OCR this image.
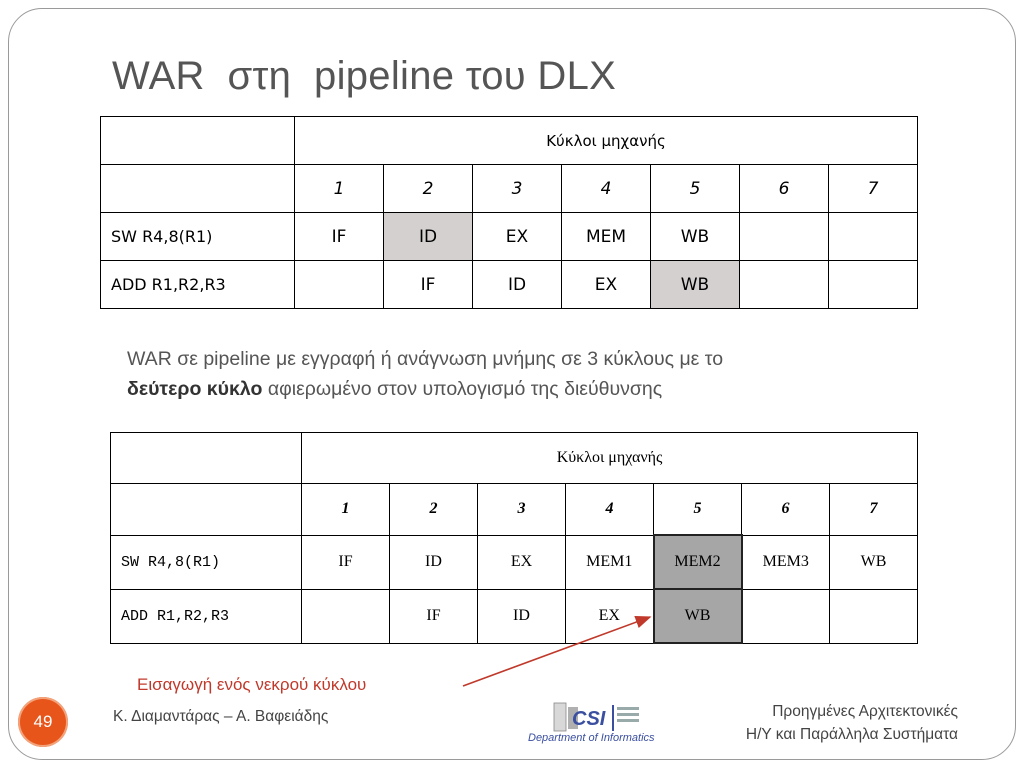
WAR  στη  pipeline του DLX
	Κύκλοι μηχανής						
	1	2	3	4	5	6	7
SW R4,8(R1)	IF	ID	EX	MEM	WB		
ADD R1,R2,R3		IF	ID	EX	WB		
WAR σε pipeline με εγγραφή ή ανάγνωση μνήμης σε 3 κύκλους με το
δεύτερο κύκλο αφιερωμένο στον υπολογισμό της διεύθυνσης
	Κύκλοι μηχανής						
	1	2	3	4	5	6	7
SW R4,8(R1)	IF	ID	EX	MEM1	MEM2	MEM3	WB
ADD R1,R2,R3		IF	ID	EX	WB		
Εισαγωγή ενός νεκρού κύκλου
49	Κ. Διαμαντάρας – Α. Βαφειάδης	CSI
Department of Informatics
Προηγμένες Αρχιτεκτονικές
Η/Υ και Παράλληλα Συστήματα
